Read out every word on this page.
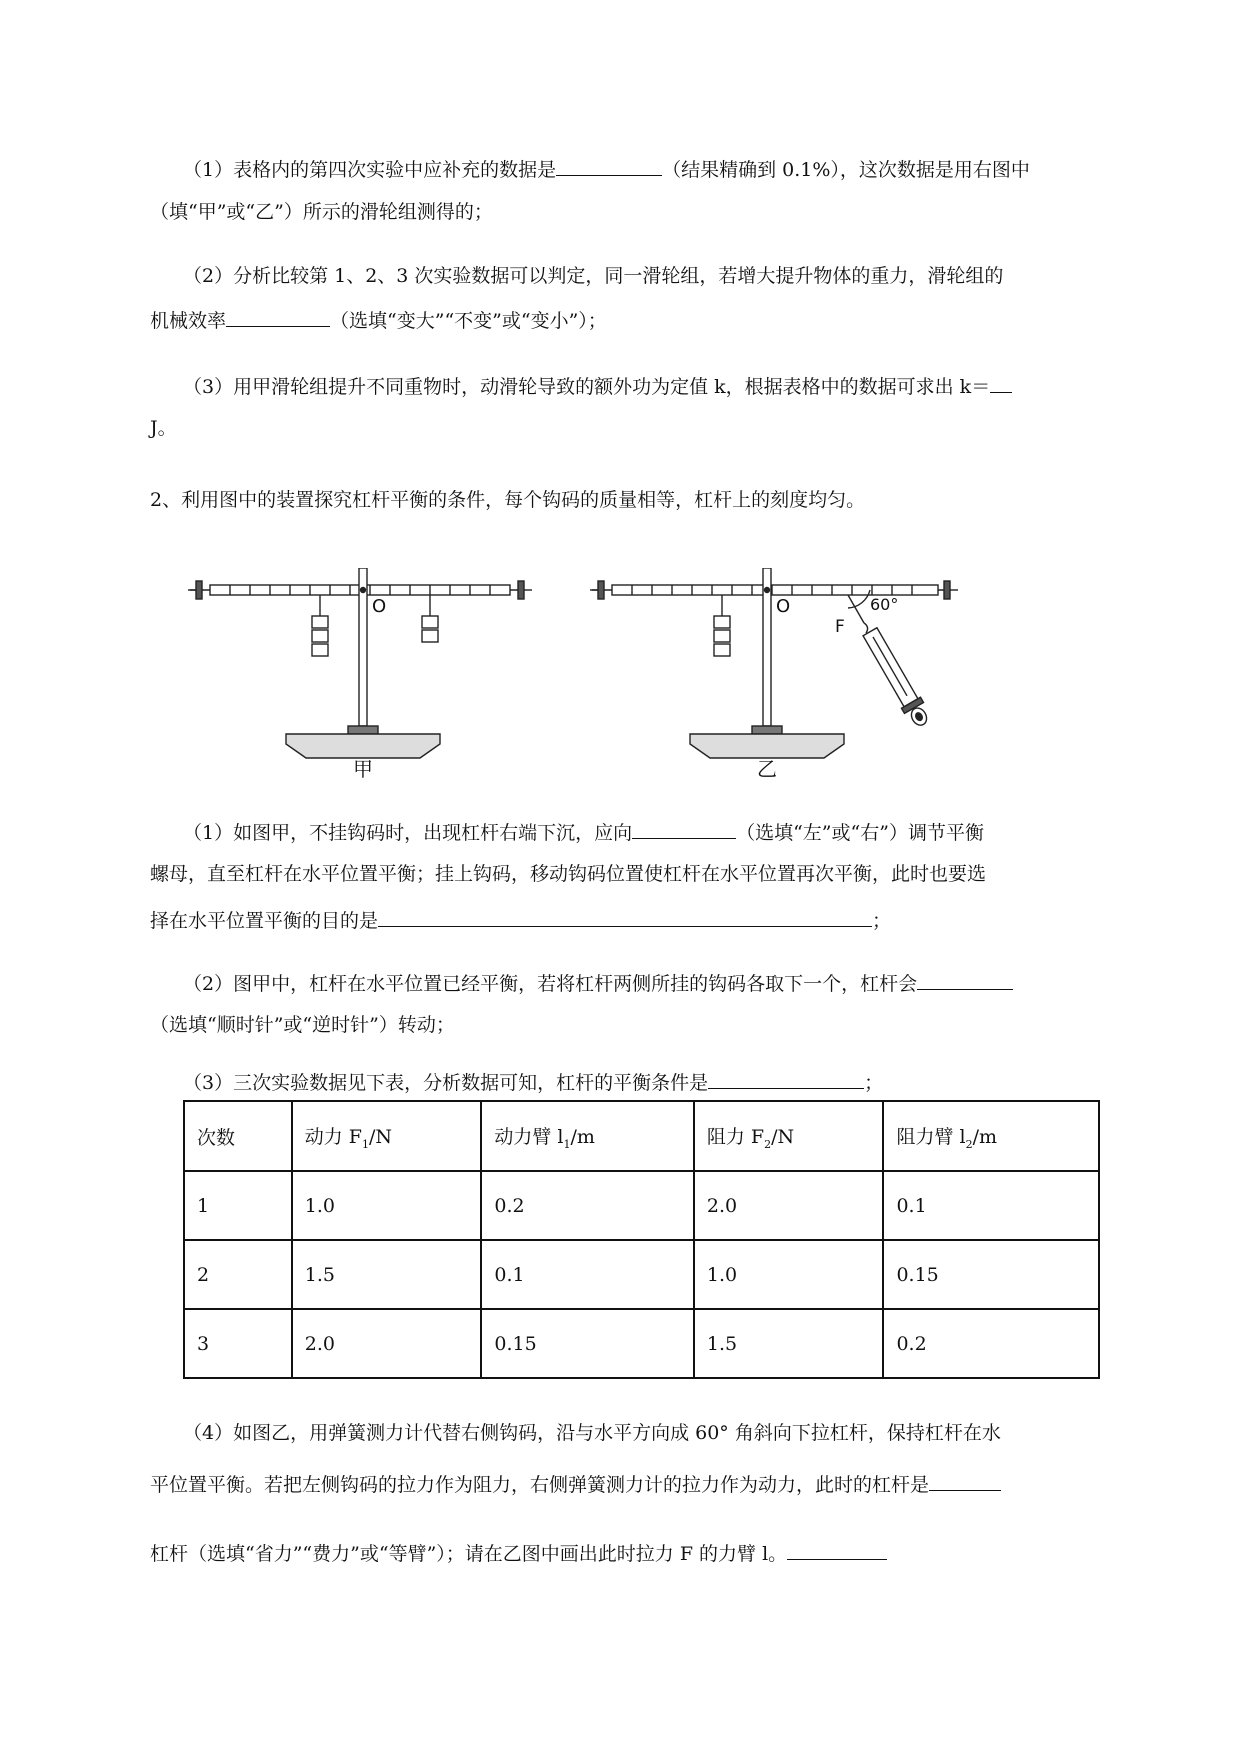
（1）表格内的第四次实验中应补充的数据是	（结果精确到 0.1%），这次数据是用右图中
（填“甲”或“乙”）所示的滑轮组测得的；
（2）分析比较第 1、2、3 次实验数据可以判定，同一滑轮组，若增大提升物体的重力，滑轮组的
机械效率	（选填“变大”“不变”或“变小”）；
（3）用甲滑轮组提升不同重物时，动滑轮导致的额外功为定值 k，根据表格中的数据可求出 k＝
J。
2、利用图中的装置探究杠杆平衡的条件，每个钩码的质量相等，杠杆上的刻度均匀。
O
甲
O
F
60°
乙
（1）如图甲，不挂钩码时，出现杠杆右端下沉，应向	（选填“左”或“右”）调节平衡
螺母，直至杠杆在水平位置平衡；挂上钩码，移动钩码位置使杠杆在水平位置再次平衡，此时也要选
择在水平位置平衡的目的是	；
（2）图甲中，杠杆在水平位置已经平衡，若将杠杆两侧所挂的钩码各取下一个，杠杆会
（选填“顺时针”或“逆时针”）转动；
（3）三次实验数据见下表，分析数据可知，杠杆的平衡条件是	；
次数	动力 $F_1/N$	动力臂 $l_1/m$	阻力 $F_2/N$	阻力臂 $l_2/m$
1	1.0	0.2	2.0	0.1
2	1.5	0.1	1.0	0.15
3	2.0	0.15	1.5	0.2
（4）如图乙，用弹簧测力计代替右侧钩码，沿与水平方向成 60° 角斜向下拉杠杆，保持杠杆在水
平位置平衡。若把左侧钩码的拉力作为阻力，右侧弹簧测力计的拉力作为动力，此时的杠杆是
杠杆（选填“省力”“费力”或“等臂”）；请在乙图中画出此时拉力 F 的力臂 l。
